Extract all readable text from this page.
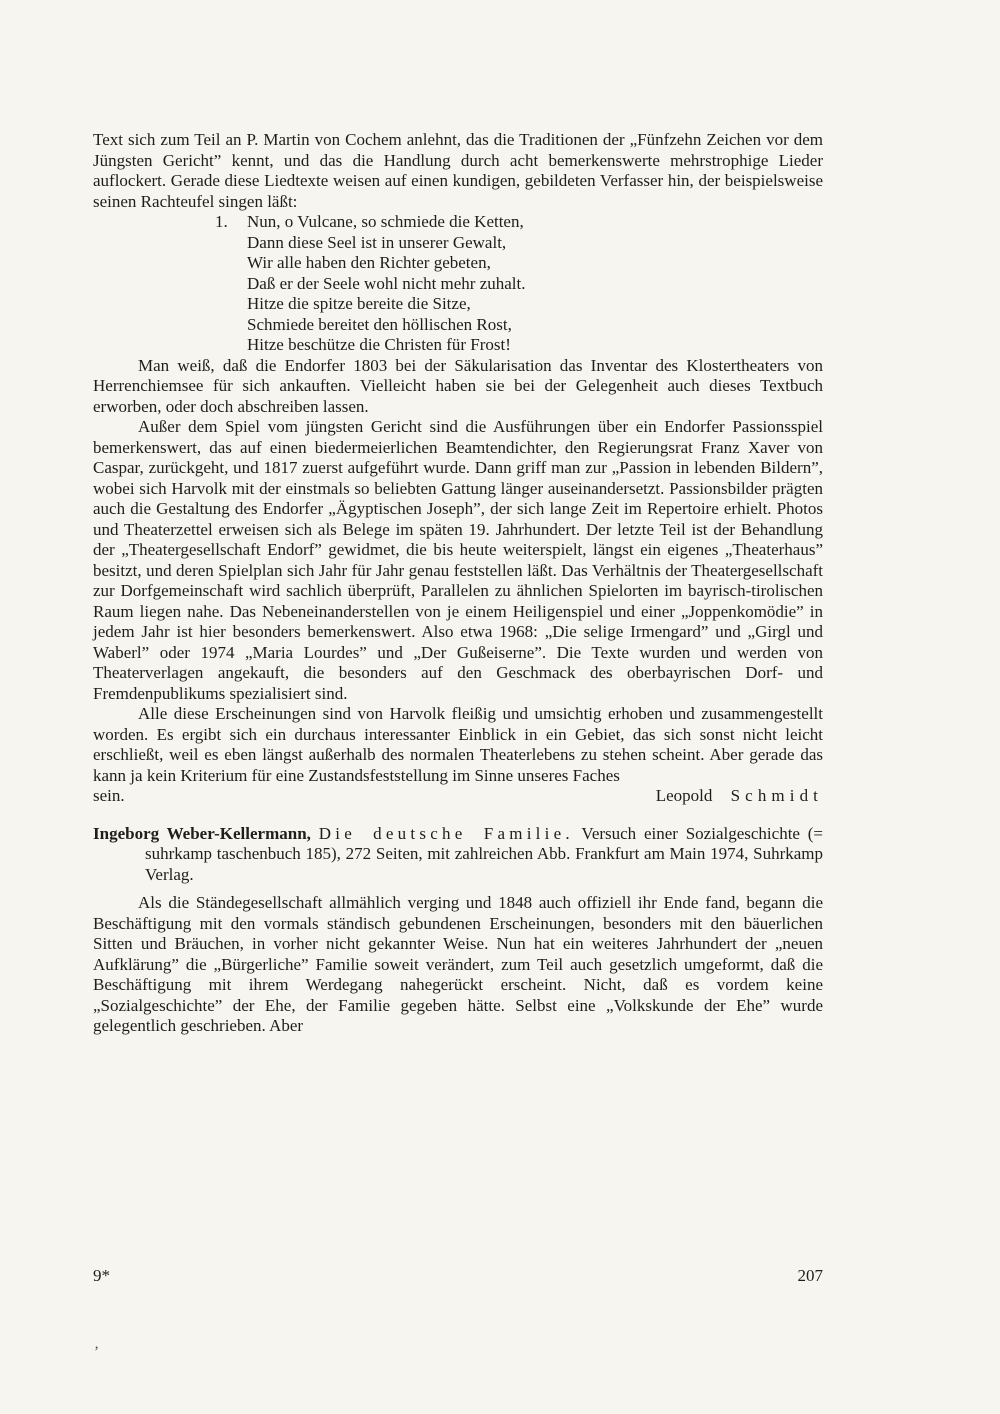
Text sich zum Teil an P. Martin von Cochem anlehnt, das die Traditionen der „Fünfzehn Zeichen vor dem Jüngsten Gericht” kennt, und das die Handlung durch acht bemerkenswerte mehrstrophige Lieder auflockert. Gerade diese Liedtexte weisen auf einen kundigen, gebildeten Verfasser hin, der beispielsweise seinen Rachteufel singen läßt:

1.	Nun, o Vulcane, so schmiede die Ketten,
Dann diese Seel ist in unserer Gewalt,
Wir alle haben den Richter gebeten,
Daß er der Seele wohl nicht mehr zuhalt.
Hitze die spitze bereite die Sitze,
Schmiede bereitet den höllischen Rost,
Hitze beschütze die Christen für Frost!

Man weiß, daß die Endorfer 1803 bei der Säkularisation das Inventar des Klostertheaters von Herrenchiemsee für sich ankauften. Vielleicht haben sie bei der Gelegenheit auch dieses Textbuch erworben, oder doch abschreiben lassen.

Außer dem Spiel vom jüngsten Gericht sind die Ausführungen über ein Endorfer Passionsspiel bemerkenswert, das auf einen biedermeierlichen Beamtendichter, den Regierungsrat Franz Xaver von Caspar, zurückgeht, und 1817 zuerst aufgeführt wurde. Dann griff man zur „Passion in lebenden Bildern”, wobei sich Harvolk mit der einstmals so beliebten Gattung länger auseinandersetzt. Passionsbilder prägten auch die Gestaltung des Endorfer „Ägyptischen Joseph”, der sich lange Zeit im Repertoire erhielt. Photos und Theaterzettel erweisen sich als Belege im späten 19. Jahrhundert. Der letzte Teil ist der Behandlung der „Theatergesellschaft Endorf” gewidmet, die bis heute weiterspielt, längst ein eigenes „Theaterhaus” besitzt, und deren Spielplan sich Jahr für Jahr genau feststellen läßt. Das Verhältnis der Theatergesellschaft zur Dorfgemeinschaft wird sachlich überprüft, Parallelen zu ähnlichen Spielorten im bayrisch-tirolischen Raum liegen nahe. Das Nebeneinanderstellen von je einem Heiligenspiel und einer „Joppenkomödie” in jedem Jahr ist hier besonders bemerkenswert. Also etwa 1968: „Die selige Irmengard” und „Girgl und Waberl” oder 1974 „Maria Lourdes” und „Der Gußeiserne”. Die Texte wurden und werden von Theaterverlagen angekauft, die besonders auf den Geschmack des oberbayrischen Dorf- und Fremdenpublikums spezialisiert sind.

Alle diese Erscheinungen sind von Harvolk fleißig und umsichtig erhoben und zusammengestellt worden. Es ergibt sich ein durchaus interessanter Einblick in ein Gebiet, das sich sonst nicht leicht erschließt, weil es eben längst außerhalb des normalen Theaterlebens zu stehen scheint. Aber gerade das kann ja kein Kriterium für eine Zustandsfeststellung im Sinne unseres Faches

sein.	Leopold Schmidt
Ingeborg Weber-Kellermann, Die deutsche Familie. Versuch einer Sozialgeschichte (= suhrkamp taschenbuch 185), 272 Seiten, mit zahlreichen Abb. Frankfurt am Main 1974, Suhrkamp Verlag.

Als die Ständegesellschaft allmählich verging und 1848 auch offiziell ihr Ende fand, begann die Beschäftigung mit den vormals ständisch gebundenen Erscheinungen, besonders mit den bäuerlichen Sitten und Bräuchen, in vorher nicht gekannter Weise. Nun hat ein weiteres Jahrhundert der „neuen Aufklärung” die „Bürgerliche” Familie soweit verändert, zum Teil auch gesetzlich umgeformt, daß die Beschäftigung mit ihrem Werdegang nahegerückt erscheint. Nicht, daß es vordem keine „Sozialgeschichte” der Ehe, der Familie gegeben hätte. Selbst eine „Volkskunde der Ehe” wurde gelegentlich geschrieben. Aber

9*	207
’
